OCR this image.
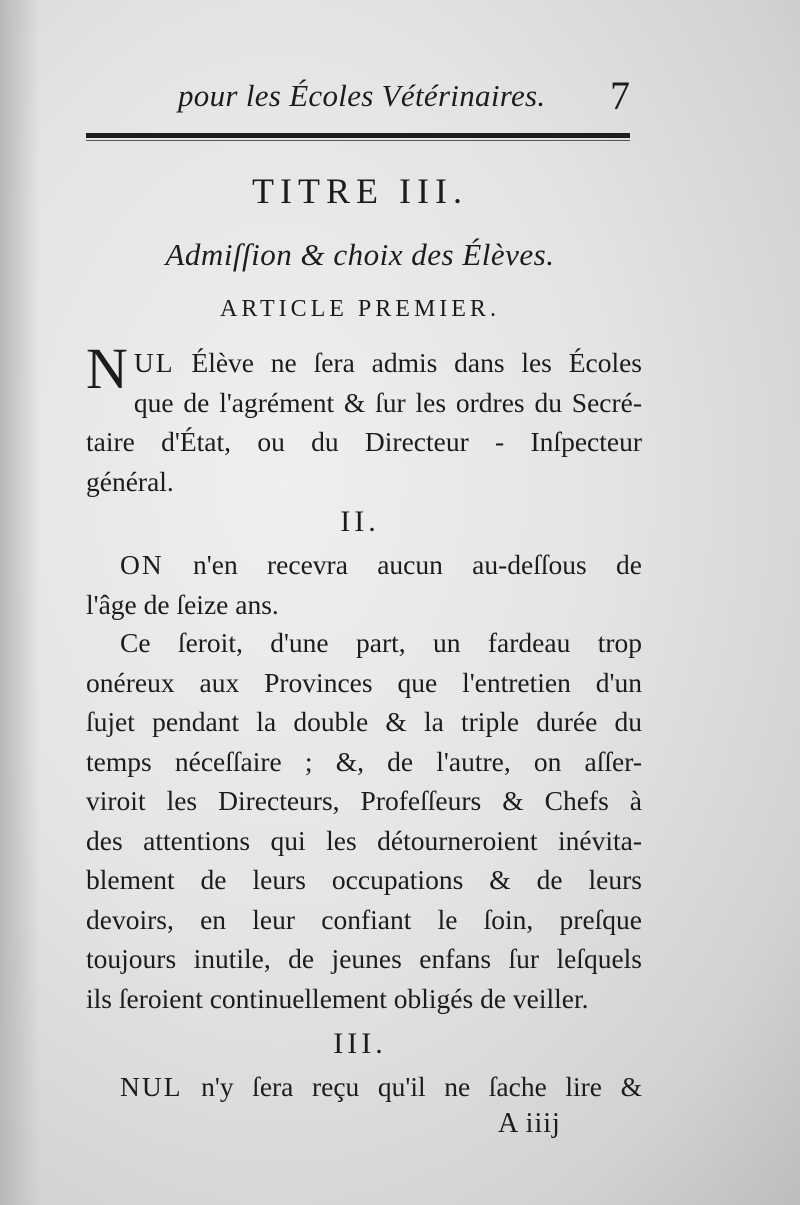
pour les Écoles Vétérinaires. 7
TITRE III.
Admiſſion & choix des Élèves.
ARTICLE PREMIER.
N UL Élève ne ſera admis dans les Écoles
que de l'agrément & ſur les ordres du Secré-
taire d'État, ou du Directeur - Inſpecteur
général.
II.
ON n'en recevra aucun au-deſſous de
l'âge de ſeize ans.
Ce ſeroit, d'une part, un fardeau trop
onéreux aux Provinces que l'entretien d'un
ſujet pendant la double & la triple durée du
temps néceſſaire ; &, de l'autre, on aſſer-
viroit les Directeurs, Profeſſeurs & Chefs à
des attentions qui les détourneroient inévita-
blement de leurs occupations & de leurs
devoirs, en leur confiant le ſoin, preſque
toujours inutile, de jeunes enfans ſur leſquels
ils ſeroient continuellement obligés de veiller.
III.
NUL n'y ſera reçu qu'il ne ſache lire &
A iiij
